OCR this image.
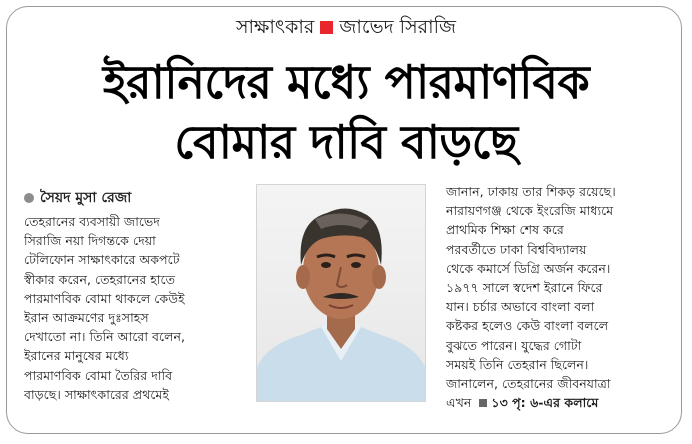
সাক্ষাৎকার জাভেদ সিরাজি
ইরানিদের মধ্যে পারমাণবিক
বোমার দাবি বাড়ছে
সৈয়দ মুসা রেজা
তেহরানের ব্যবসায়ী জাভেদ
সিরাজি নয়া দিগন্তকে দেয়া
টেলিফোন সাক্ষাৎকারে অকপটে
স্বীকার করেন, তেহরানের হাতে
পারমাণবিক বোমা থাকলে কেউই
ইরান আক্রমণের দুঃসাহস
দেখাতো না। তিনি আরো বলেন,
ইরানের মানুষের মধ্যে
পারমাণবিক বোমা তৈরির দাবি
বাড়ছে। সাক্ষাৎকারের প্রথমেই
জানান, ঢাকায় তার শিকড় রয়েছে।
নারায়ণগঞ্জ থেকে ইংরেজি মাধ্যমে
প্রাথমিক শিক্ষা শেষ করে
পরবর্তীতে ঢাকা বিশ্ববিদ্যালয়
থেকে কমার্সে ডিগ্রি অর্জন করেন।
১৯৭৭ সালে স্বদেশ ইরানে ফিরে
যান। চর্চার অভাবে বাংলা বলা
কষ্টকর হলেও কেউ বাংলা বললে
বুঝতে পারেন। যুদ্ধের গোটা
সময়ই তিনি তেহরান ছিলেন।
জানালেন, তেহরানের জীবনযাত্রা
এখন ১৩ পৃ: ৬-এর কলামে
